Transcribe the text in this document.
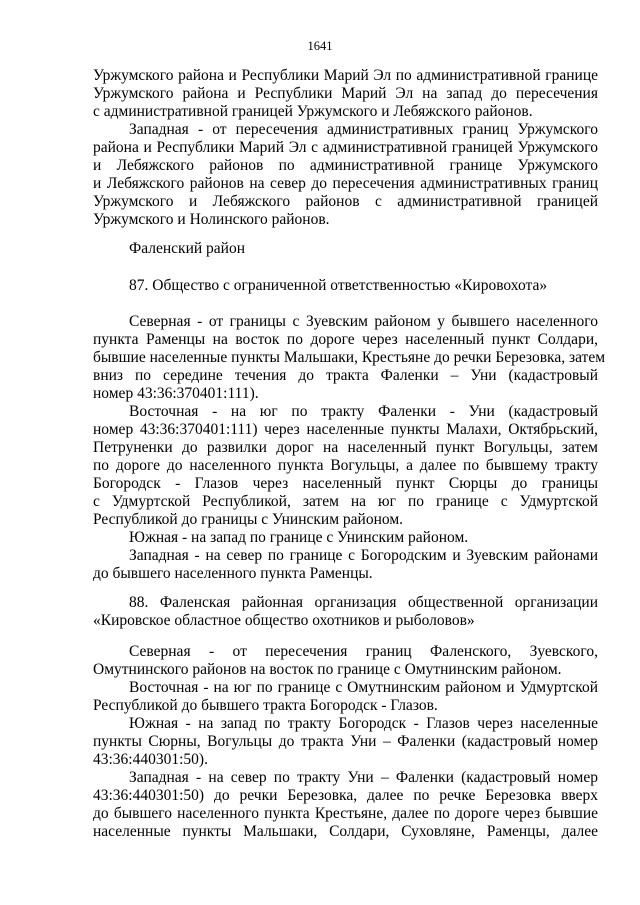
1641
Уржумского района и Республики Марий Эл по административной границе
Уржумского района и Республики Марий Эл на запад до пересечения
с административной границей Уржумского и Лебяжского районов.
Западная - от пересечения административных границ Уржумского
района и Республики Марий Эл с административной границей Уржумского
и Лебяжского районов по административной границе Уржумского
и Лебяжского районов на север до пересечения административных границ
Уржумского и Лебяжского районов с административной границей
Уржумского и Нолинского районов.
Фаленский район
87. Общество с ограниченной ответственностью «Кировохота»
Северная - от границы с Зуевским районом у бывшего населенного
пункта Раменцы на восток по дороге через населенный пункт Солдари,
бывшие населенные пункты Мальшаки, Крестьяне до речки Березовка, затем
вниз по середине течения до тракта Фаленки – Уни (кадастровый
номер 43:36:370401:111).
Восточная - на юг по тракту Фаленки - Уни (кадастровый
номер 43:36:370401:111) через населенные пункты Малахи, Октябрьский,
Петруненки до развилки дорог на населенный пункт Вогульцы, затем
по дороге до населенного пункта Вогульцы, а далее по бывшему тракту
Богородск - Глазов через населенный пункт Сюрцы до границы
с Удмуртской Республикой, затем на юг по границе с Удмуртской
Республикой до границы с Унинским районом.
Южная - на запад по границе с Унинским районом.
Западная - на север по границе с Богородским и Зуевским районами
до бывшего населенного пункта Раменцы.
88. Фаленская районная организация общественной организации
«Кировское областное общество охотников и рыболовов»
Северная - от пересечения границ Фаленского, Зуевского,
Омутнинского районов на восток по границе с Омутнинским районом.
Восточная - на юг по границе с Омутнинским районом и Удмуртской
Республикой до бывшего тракта Богородск - Глазов.
Южная - на запад по тракту Богородск - Глазов через населенные
пункты Сюрны, Вогульцы до тракта Уни – Фаленки (кадастровый номер
43:36:440301:50).
Западная - на север по тракту Уни – Фаленки (кадастровый номер
43:36:440301:50) до речки Березовка, далее по речке Березовка вверх
до бывшего населенного пункта Крестьяне, далее по дороге через бывшие
населенные пункты Мальшаки, Солдари, Суховляне, Раменцы, далее
